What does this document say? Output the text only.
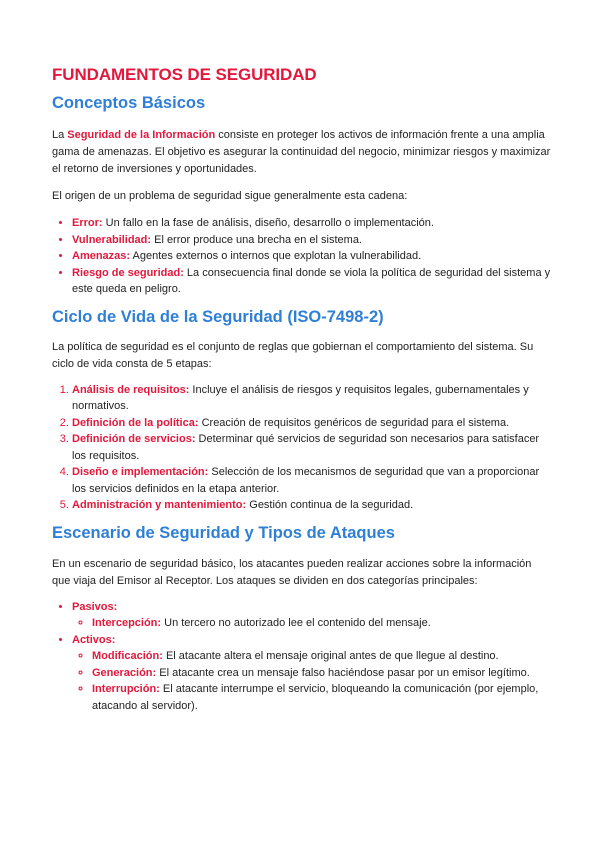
FUNDAMENTOS DE SEGURIDAD
Conceptos Básicos

La Seguridad de la Información consiste en proteger los activos de información frente a una amplia gama de amenazas. El objetivo es asegurar la continuidad del negocio, minimizar riesgos y maximizar el retorno de inversiones y oportunidades.

El origen de un problema de seguridad sigue generalmente esta cadena:

• Error: Un fallo en la fase de análisis, diseño, desarrollo o implementación.
• Vulnerabilidad: El error produce una brecha en el sistema.
• Amenazas: Agentes externos o internos que explotan la vulnerabilidad.
• Riesgo de seguridad: La consecuencia final donde se viola la política de seguridad del sistema y este queda en peligro.
Ciclo de Vida de la Seguridad (ISO-7498-2)

La política de seguridad es el conjunto de reglas que gobiernan el comportamiento del sistema. Su ciclo de vida consta de 5 etapas:

1. Análisis de requisitos: Incluye el análisis de riesgos y requisitos legales, gubernamentales y normativos.
2. Definición de la política: Creación de requisitos genéricos de seguridad para el sistema.
3. Definición de servicios: Determinar qué servicios de seguridad son necesarios para satisfacer los requisitos.
4. Diseño e implementación: Selección de los mecanismos de seguridad que van a proporcionar los servicios definidos en la etapa anterior.
5. Administración y mantenimiento: Gestión continua de la seguridad.
Escenario de Seguridad y Tipos de Ataques

En un escenario de seguridad básico, los atacantes pueden realizar acciones sobre la información que viaja del Emisor al Receptor. Los ataques se dividen en dos categorías principales:

• Pasivos:
◦ Intercepción: Un tercero no autorizado lee el contenido del mensaje.
• Activos:
◦ Modificación: El atacante altera el mensaje original antes de que llegue al destino.
◦ Generación: El atacante crea un mensaje falso haciéndose pasar por un emisor legítimo.
◦ Interrupción: El atacante interrumpe el servicio, bloqueando la comunicación (por ejemplo, atacando al servidor).
